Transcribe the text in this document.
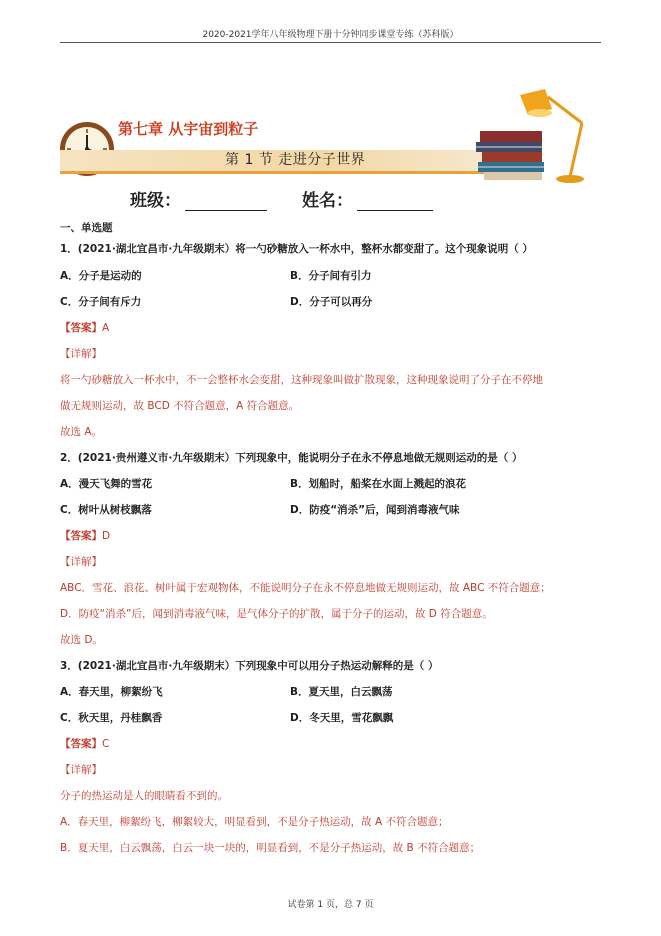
2020-2021学年八年级物理下册十分钟同步课堂专练（苏科版）
第七章 从宇宙到粒子
第 1 节 走进分子世界
班级：	姓名：
一、单选题
1．(2021·湖北宜昌市·九年级期末）将一勺砂糖放入一杯水中，整杯水都变甜了。这个现象说明（ ）
A．分子是运动的	B．分子间有引力
C．分子间有斥力	D．分子可以再分
【答案】A
【详解】
将一勺砂糖放入一杯水中，不一会整杯水会变甜，这种现象叫做扩散现象，这种现象说明了分子在不停地
做无规则运动，故 BCD 不符合题意，A 符合题意。
故选 A。
2．(2021·贵州遵义市·九年级期末）下列现象中，能说明分子在永不停息地做无规则运动的是（ ）
A．漫天飞舞的雪花	B．划船时，船桨在水面上溅起的浪花
C．树叶从树枝飘落	D．防疫“消杀”后，闻到消毒液气味
【答案】D
【详解】
ABC．雪花、浪花、树叶属于宏观物体，不能说明分子在永不停息地做无规则运动，故 ABC 不符合题意；
D．防疫“消杀”后，闻到消毒液气味，是气体分子的扩散，属于分子的运动，故 D 符合题意。
故选 D。
3．(2021·湖北宜昌市·九年级期末）下列现象中可以用分子热运动解释的是（ ）
A．春天里，柳絮纷飞	B．夏天里，白云飘荡
C．秋天里，丹桂飘香	D．冬天里，雪花飘飘
【答案】C
【详解】
分子的热运动是人的眼睛看不到的。
A．春天里，柳絮纷飞，柳絮较大，明显看到，不是分子热运动，故 A 不符合题意；
B．夏天里，白云飘荡，白云一块一块的，明显看到，不是分子热运动，故 B 不符合题意；
试卷第 1 页，总 7 页
